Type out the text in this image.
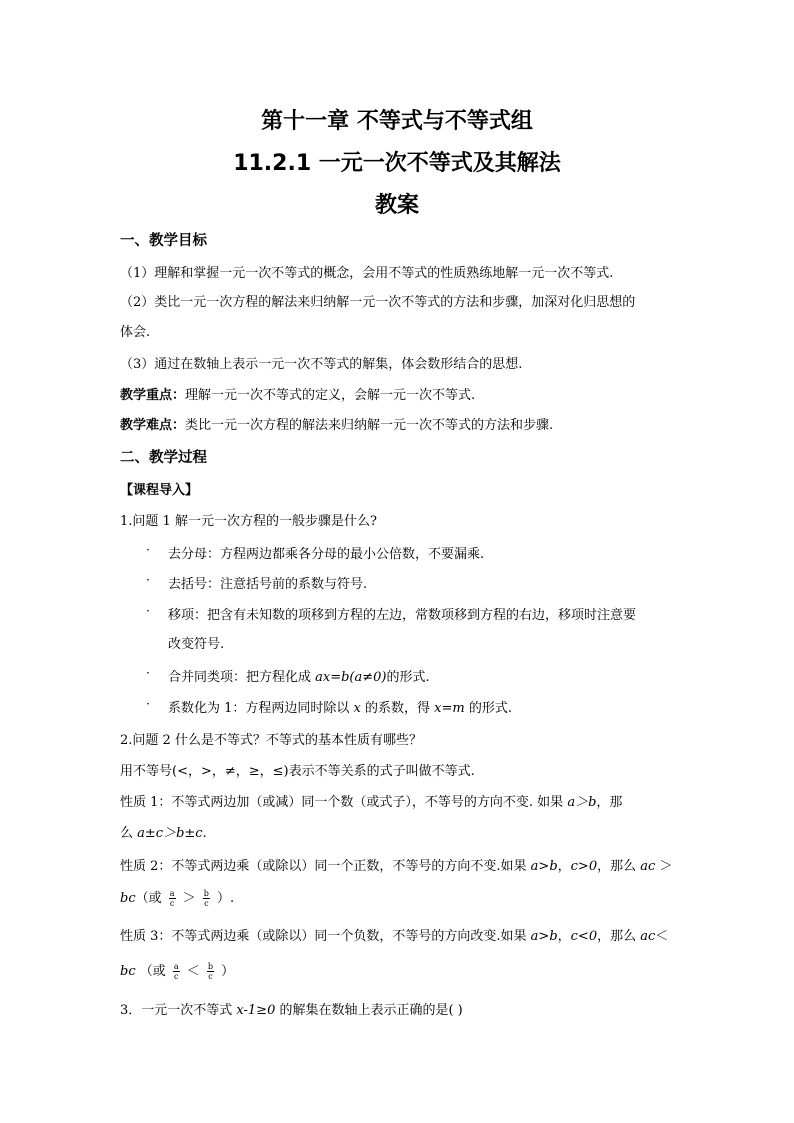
第十一章 不等式与不等式组
11.2.1 一元一次不等式及其解法
教案
一、教学目标
（1）理解和掌握一元一次不等式的概念，会用不等式的性质熟练地解一元一次不等式.
（2）类比一元一次方程的解法来归纳解一元一次不等式的方法和步骤，加深对化归思想的
体会.
（3）通过在数轴上表示一元一次不等式的解集，体会数形结合的思想.
教学重点：理解一元一次不等式的定义，会解一元一次不等式.
教学难点：类比一元一次方程的解法来归纳解一元一次不等式的方法和步骤.
二、教学过程
【课程导入】
1.问题 1 解一元一次方程的一般步骤是什么?
· 去分母：方程两边都乘各分母的最小公倍数，不要漏乘.
· 去括号：注意括号前的系数与符号.
· 移项：把含有未知数的项移到方程的左边，常数项移到方程的右边，移项时注意要
改变符号.
· 合并同类项：把方程化成 ax=b(a≠0)的形式.
· 系数化为 1：方程两边同时除以 x 的系数，得 x=m 的形式.
2.问题 2 什么是不等式？不等式的基本性质有哪些？
用不等号(<，>，≠，≥，≤)表示不等关系的式子叫做不等式.
性质 1：不等式两边加（或减）同一个数（或式子），不等号的方向不变. 如果 a＞b，那
么 a±c＞b±c.
性质 2：不等式两边乘（或除以）同一个正数，不等号的方向不变.如果 a>b，c>0，那么 ac ＞
bc（或 $\frac{a}{c} > \frac{b}{c}$ ）.
性质 3：不等式两边乘（或除以）同一个负数，不等号的方向改变.如果 a>b，c<0，那么 ac＜
bc （或 $\frac{a}{c} < \frac{b}{c}$ ）
3．一元一次不等式 x-1≥0 的解集在数轴上表示正确的是( )
